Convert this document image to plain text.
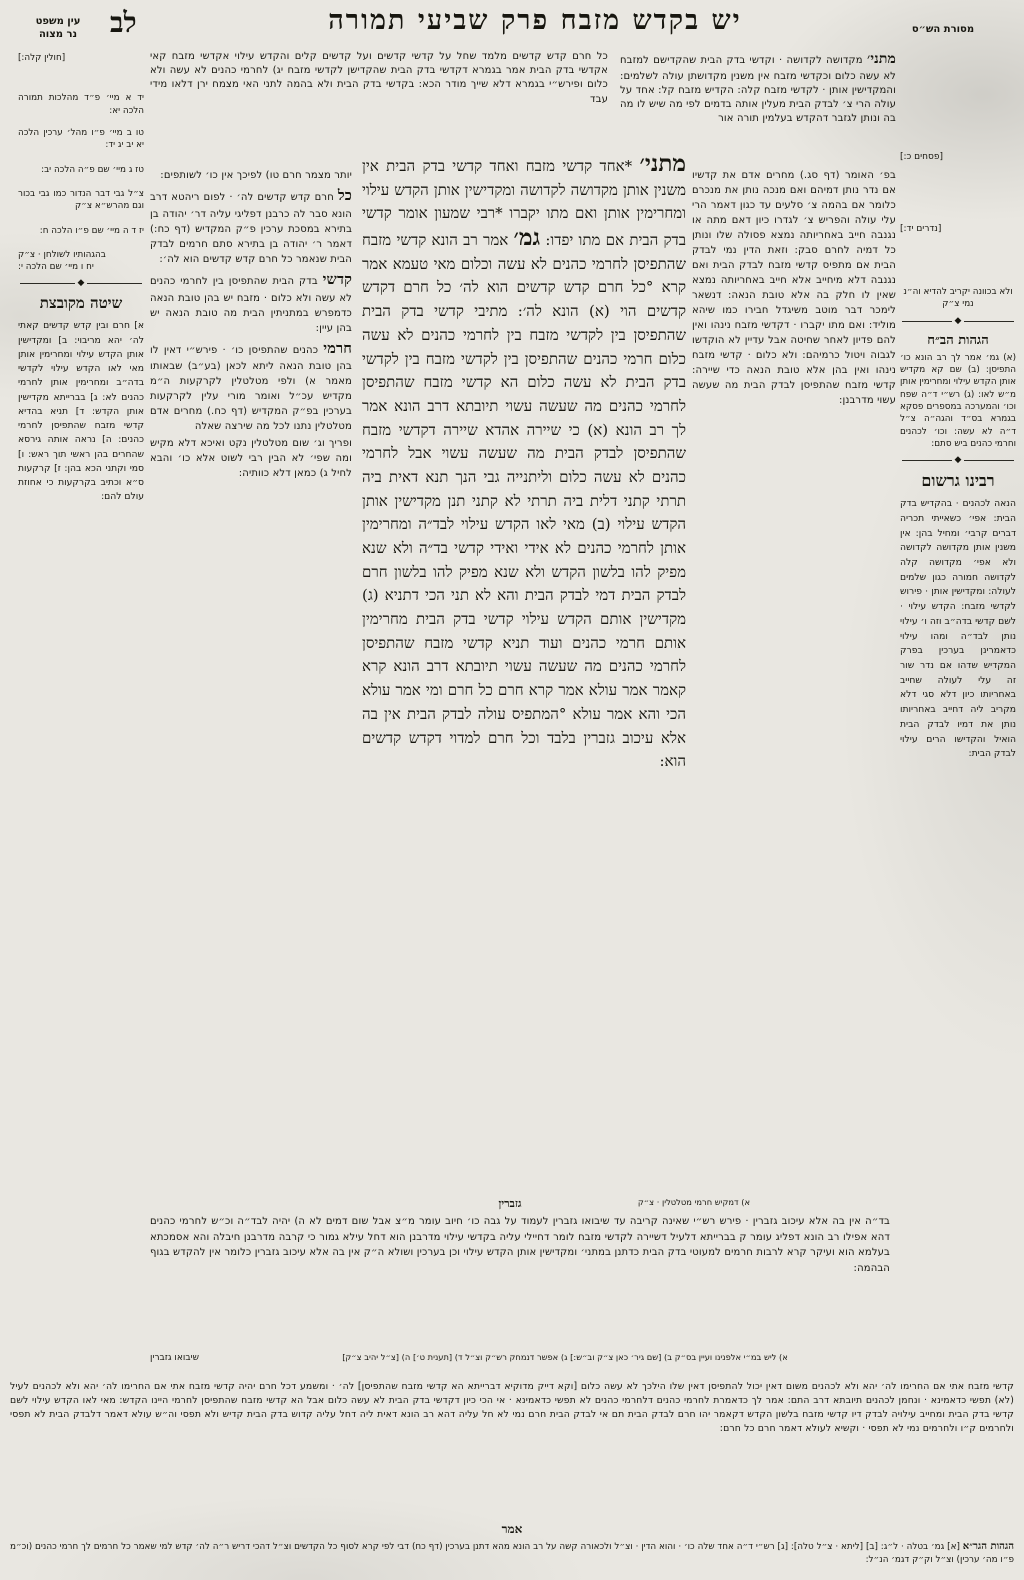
מסורת הש״ס
יש בקדש מזבח פרק שביעי תמורה
לב
עין משפט
נר מצוה
[חולין קלה:]
יד א מיי׳ פ״ד מהלכות תמורה הלכה יא:
טו ב מיי׳ פ״ו מהל׳ ערכין הלכה יא יב יג יד:
טז ג מיי׳ שם פ״ה הלכה יב:
צ״ל גבי דבר הנדור כמו גבי בכור וגם מהרש״א צ״ק
יז ד ה מיי׳ שם פ״ו הלכה ח:
בהגהותיו לשולחן · צ״ק
יח ו מיי׳ שם הלכה י:
◆
שיטה מקובצת
א] חרם ובין קדש קדשים קאתי לה׳ יהא מריבוי: ב] ומקדישין אותן הקדש עילוי ומחרימין אותן מאי לאו הקדש עילוי לקדשי בדה״ב ומחרימין אותן לחרמי כהנים לא: ג] בברייתא מקדישין אותן הקדש: ד] תניא בהדיא קדשי מזבח שהתפיסן לחרמי כהנים: ה] נראה אותה גירסא שהחרים בהן ראשי תוך ראש: ו] סמי וקתני הכא בהן: ז] קרקעות ס״א וכתיב בקרקעות כי אחוזת עולם להם:
[פסחים כ:]
[נדרים יד:]
ולא בכוונה יקריב להדיא וה״נ נמי צ״ק
◆
הגהות הב״ח
(א) גמ׳ אמר לך רב הונא כו׳ התפיסן: (ב) שם קא מקדיש אותן הקדש עילוי ומחרימין אותן מ״ש לאו: (ג) רש״י ד״ה שפח וכו׳ והמערכה במספרים פסקא בגמרא בס״ד והגה״ה צ״ל ד״ה לא עשה: וכו׳ לכהנים וחרמי כהנים ביש סתם:
◆
רבינו גרשום
הנאה לכהנים · בהקדיש בדק הבית: אפי׳ כשאייתי תכריה דברים קרבי׳ ומחיל בהן: אין משנין אותן מקדושה לקדושה ולא אפי׳ מקדושה קלה לקדושה חמורה כגון שלמים לעולה: ומקדישין אותן · פירוש לקדשי מזבח: הקדש עילוי · לשם קדשי בדה״ב וזה ו׳ עילוי נותן לבד״ה ומהו עילוי כדאמרינן בערכין בפרק המקדיש שדהו אם נדר שור זה עלי לעולה שחייב באחריותו כיון דלא סגי דלא מקריב ליה דחייב באחריותו נותן את דמיו לבדק הבית הואיל והקדישו הרים עילוי לבדק הבית:
מתני׳ מקדושה לקדושה · וקדשי בדק הבית שהקדישם למזבח לא עשה כלום וכקדשי מזבח אין משנין מקדושתן עולה לשלמים: והמקדישין אותן · לקדשי מזבח קלה: הקדיש מזבח קל: אחד על עולה הרי צ׳ לבדק הבית מעלין אותה בדמים לפי מה שיש לו מה בה ונותן לגזבר דהקדש בעלמין תורה אור
בפ׳ האומר (דף סג.) מחרים אדם את קדשיו אם נדר נותן דמיהם ואם מנכה נותן את מנכרם כלומר אם בהמה צ׳ סלעים עד כגון דאמר הרי עלי עולה והפריש צ׳ לגדרו כיון דאם מתה או נגנבה חייב באחריותה נמצא פסולה שלו ונותן כל דמיה לחרם סבק: וזאת הדין נמי לבדק הבית אם מתפיס קדשי מזבח לבדק הבית ואם נגנבה דלא מיחייב אלא חייב באחריותה נמצא שאין לו חלק בה אלא טובת הנאה: דנשאר לימכר דבר מוטב משיגדל חבירו כמו שיהא מוליד: ואם מתו יקברו · דקדשי מזבח נינהו ואין להם פדיון לאחר שחיטה אבל עדיין לא הוקדשו לגבוה ויטול כרמיהם: ולא כלום · קדשי מזבח נינהו ואין בהן אלא טובת הנאה כדי שיירה: קדשי מזבח שהתפיסן לבדק הבית מה שעשה עשוי מדרבנן:
כל חרם קדש קדשים מלמד שחל על קדשי קדשים ועל קדשים קלים והקדש עילוי אקדשי מזבח קאי אקדשי בדק הבית אמר בגמרא דקדשי בדק הבית שהקדישן לקדשי מזבח יג) לחרמי כהנים לא עשה ולא כלום ופירש״י בגמרא דלא שייך מודר הכא: בקדשי בדק הבית ולא בהמה לתני האי מצמח ירן דלאו מידי עבד

יותר מצמר חרם טו) לפיכך אין כו׳ לשותפים:

כל חרם קדש קדשים לה׳ · לפום ריהטא דרב הונא סבר לה כרבנן דפליגי עליה דר׳ יהודה בן בתירא במסכת ערכין פ״ק המקדיש (דף כח:) דאמר ר׳ יהודה בן בתירא סתם חרמים לבדק הבית שנאמר כל חרם קדש קדשים הוא לה׳:

קדשי בדק הבית שהתפיסן בין לחרמי כהנים לא עשה ולא כלום · מזבח יש בהן טובת הנאה כדמפרש במתניתין הבית מה טובת הנאה יש בהן עיין:

חרמי כהנים שהתפיסן כו׳ · פירש״י דאין לו בהן טובת הנאה ליתא לכאן (בע״ב) שבאותו מאמר א) ולפי מטלטלין לקרקעות ה״מ מקדיש עכ״ל ואומר מורי עלין לקרקעות בערכין בפ״ק המקדיש (דף כח.) מחרים אדם מטלטלין נתנו לכל מה שירצה שאלה

ופריך וג׳ שום מטלטלין נקט ואיכא דלא מקיש ומה שפי׳ לא הבין רבי לשוט אלא כו׳ והבא לחיל ג) כמאן דלא כוותיה:

מתני׳ *אחד קדשי מזבח ואחד קדשי בדק הבית אין משנין אותן מקדושה לקדושה ומקדישין אותן הקדש עילוי ומחרימין אותן ואם מתו יקברו *רבי שמעון אומר קדשי בדק הבית אם מתו יפדו: גמ׳ אמר רב הונא קדשי מזבח שהתפיסן לחרמי כהנים לא עשה וכלום מאי טעמא אמר קרא °כל חרם קדש קדשים הוא לה׳ כל חרם דקדש קדשים הוי (א) הונא לה׳: מתיבי קדשי בדק הבית שהתפיסן בין לקדשי מזבח בין לחרמי כהנים לא עשה כלום חרמי כהנים שהתפיסן בין לקדשי מזבח בין לקדשי בדק הבית לא עשה כלום הא קדשי מזבח שהתפיסן לחרמי כהנים מה שעשה עשוי תיובתא דרב הונא אמר לך רב הונא (א) כי שיירה אהדא שיירה דקדשי מזבח שהתפיסן לבדק הבית מה שעשה עשוי אבל לחרמי כהנים לא עשה כלום וליתנייה גבי הנך תנא דאית ביה תרתי קתני דלית ביה תרתי לא קתני תנן מקדישין אותן הקדש עילוי (ב) מאי לאו הקדש עילוי לבד״ה ומחרימין אותן לחרמי כהנים לא אידי ואידי קדשי בד״ה ולא שנא מפיק להו בלשון הקדש ולא שנא מפיק להו בלשון חרם לבדק הבית דמי לבדק הבית והא לא תני הכי דתניא (ג) מקדישין אותם הקדש עילוי קדשי בדק הבית מחרימין אותם חרמי כהנים ועוד תניא קדשי מזבח שהתפיסן לחרמי כהנים מה שעשה עשוי תיובתא דרב הונא קרא קאמר אמר עולא אמר קרא חרם כל חרם ומי אמר עולא הכי והא אמר עולא °המתפיס עולה לבדק הבית אין בה אלא עיכוב גזברין בלבד וכל חרם למדוי דקדש קדשים הוא:
א) דמקיש חרמי מטלטלין · צ״ק
גזברין
בד״ה אין בה אלא עיכוב גזברין · פירש רש״י שאינה קריבה עד שיבואו גזברין לעמוד על גבה כו׳ חיוב עומר מ״צ אבל שום דמים לא ה) יהיה לבד״ה וכ״ש לחרמי כהנים דהא אפילו רב הונא דפליג עומר ק בברייתא דלעיל דשיירה לקדשי מזבח לומר דחיילי עליה בקדשי עילוי מדרבנן הוא דחל עילא גמור כי קרבה מדרבנן חיבלה והא אסמכתא בעלמא הוא ועיקר קרא לרבות חרמים למעוטי בדק הבית כדתנן במתני׳ ומקדישין אותן הקדש עילוי וכן בערכין ושולא ה״ק אין בה אלא עיכוב גזברין כלומר אין להקדש בגוף הבהמה:
א) ליש במ״י אלפנינו ועיין בס״ק ב) [שם גיר׳ כאן צ״ק וב״ש:] ג) אפשר דנמחק רש״ק וצ״ל ד) [תענית ט׳] ה) [צ״ל יהיב צ״ק]
שיבואו גזברין
קדשי מזבח אתי אם החרימו לה׳ יהא ולא לכהנים משום דאין יכול להתפיסן דאין שלו הילכך לא עשה כלום [וקא דייק מדוקיא דברייתא הא קדשי מזבח שהתפיסן] לה׳ · ומשמע דכל חרם יהיה קדשי מזבח אתי אם החרימו לה׳ יהא ולא לכהנים לעיל (לא) תפשי כדאמינא · ונחמן לכהנים תיובתא דרב התם: אמר לך כדאמרת לחרמי כהנים דלחרמי כהנים לא תפשי כדאמינא · אי הכי כיון דקדשי בדק הבית לא עשה כלום אבל הא קדשי מזבח שהתפיסן לחרמי היינו הקדש: מאי לאו הקדש עילוי לשם קדשי בדק הבית ומחייב עילויה לבדק דיו קדשי מזבח בלשון הקדש דקאמר יהו חרם לבדק הבית תם אי לבדק הבית חרם נמי לא חל עליה דהא רב הונא דאית ליה דחל עליה קדוש בדק הבית קדיש ולא תפסי וה״ש עולא דאמר דלבדק הבית לא תפסי ולחרמים ק״ו ולחרמים נמי לא תפסי · וקשיא לעולא דאמר חרם כל חרם:
אמר
הגהות הגר״א [א] גמ׳ בטלה · ל״ג: [ב] [ליתא · צ״ל טלה]: [ג] רש״י ד״ה אחד שלה כו׳ · והוא הדין · וצ״ל ולכאורה קשה על רב הונא מהא דתנן בערכין (דף כח) דבי לפי קרא לסוף כל הקדשים וצ״ל דהכי דריש ר״ה לה׳ קדש למי שאמר כל חרמים לך חרמי כהנים (וכ״מ פ״ו מה׳ ערכין) וצ״ל וק״ק דגמ׳ הנ״ל:
